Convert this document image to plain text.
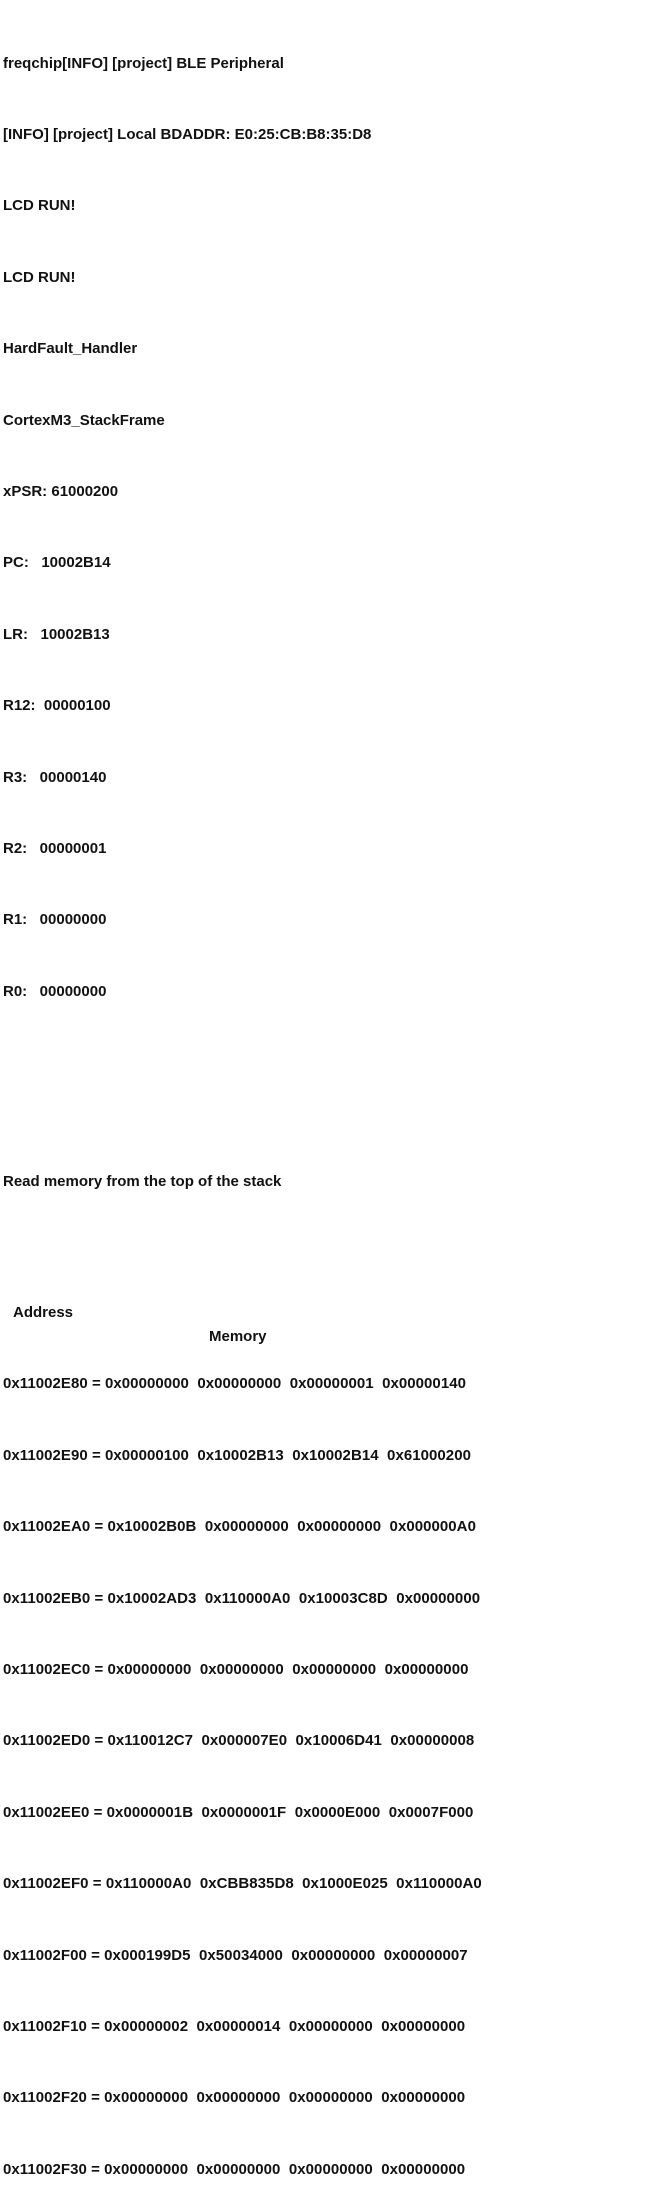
freqchip[INFO] [project] BLE Peripheral

[INFO] [project] Local BDADDR: E0:25:CB:B8:35:D8

LCD RUN!

LCD RUN!

HardFault_Handler

CortexM3_StackFrame

xPSR: 61000200

PC:   10002B14

LR:   10002B13

R12:  00000100

R3:   00000140

R2:   00000001

R1:   00000000

R0:   00000000

Read memory from the top of the stack

Address

Memory

0x11002E80 = 0x00000000  0x00000000  0x00000001  0x00000140

0x11002E90 = 0x00000100  0x10002B13  0x10002B14  0x61000200

0x11002EA0 = 0x10002B0B  0x00000000  0x00000000  0x000000A0

0x11002EB0 = 0x10002AD3  0x110000A0  0x10003C8D  0x00000000

0x11002EC0 = 0x00000000  0x00000000  0x00000000  0x00000000

0x11002ED0 = 0x110012C7  0x000007E0  0x10006D41  0x00000008

0x11002EE0 = 0x0000001B  0x0000001F  0x0000E000  0x0007F000

0x11002EF0 = 0x110000A0  0xCBB835D8  0x1000E025  0x110000A0

0x11002F00 = 0x000199D5  0x50034000  0x00000000  0x00000007

0x11002F10 = 0x00000002  0x00000014  0x00000000  0x00000000

0x11002F20 = 0x00000000  0x00000000  0x00000000  0x00000000

0x11002F30 = 0x00000000  0x00000000  0x00000000  0x00000000
